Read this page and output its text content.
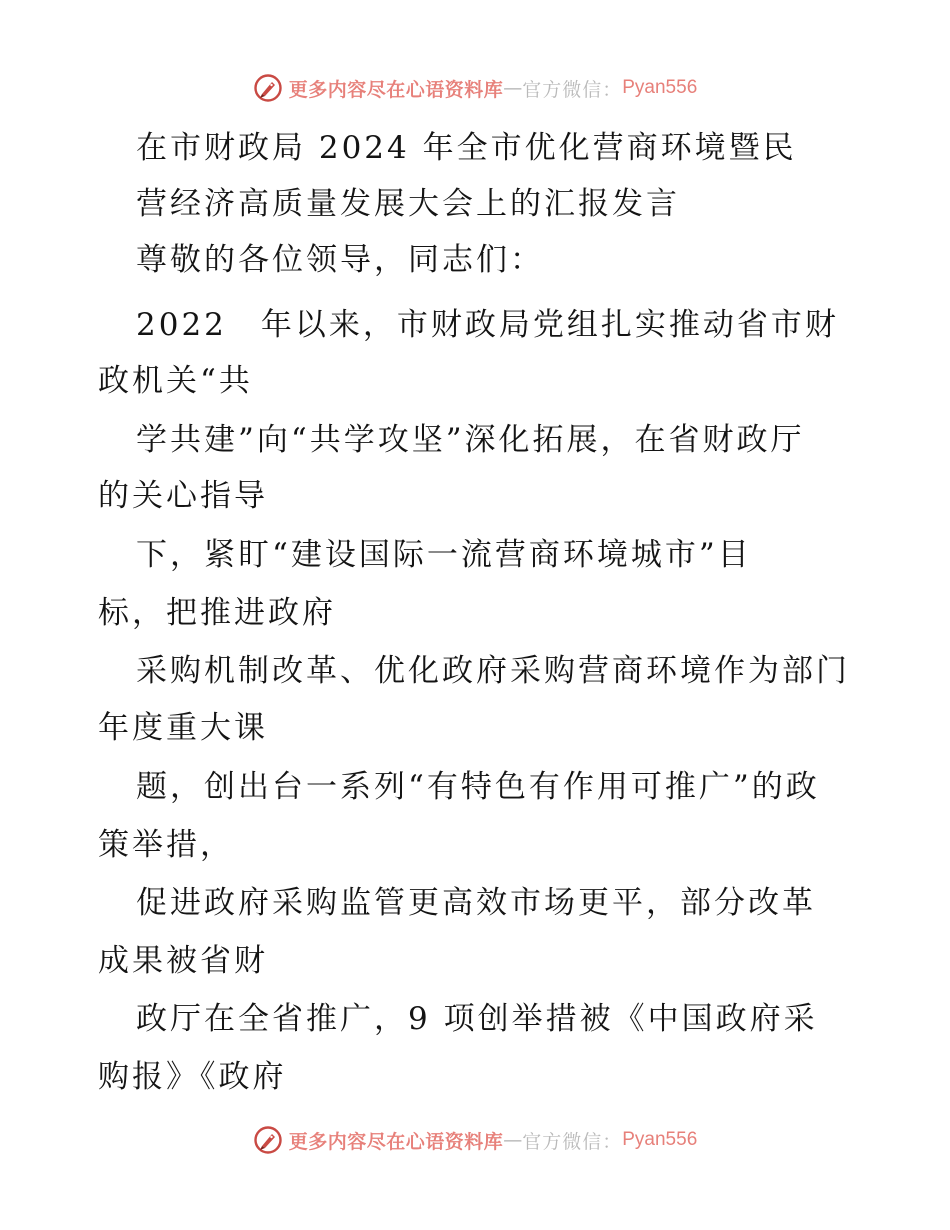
更多内容尽在心语资料库 — 官方微信： Pyan556
在市财政局 2024 年全市优化营商环境暨民
营经济高质量发展大会上的汇报发言
尊敬的各位领导，同志们：
2022　年以来，市财政局党组扎实推动省市财
政机关“共
学共建”向“共学攻坚”深化拓展，在省财政厅
的关心指导
下，紧盯“建设国际一流营商环境城市”目
标，把推进政府
采购机制改革、优化政府采购营商环境作为部门
年度重大课
题，创出台一系列“有特色有作用可推广”的政
策举措，
促进政府采购监管更高效市场更平，部分改革
成果被省财
政厅在全省推广，9 项创举措被《中国政府采
购报》《政府
更多内容尽在心语资料库 — 官方微信： Pyan556
